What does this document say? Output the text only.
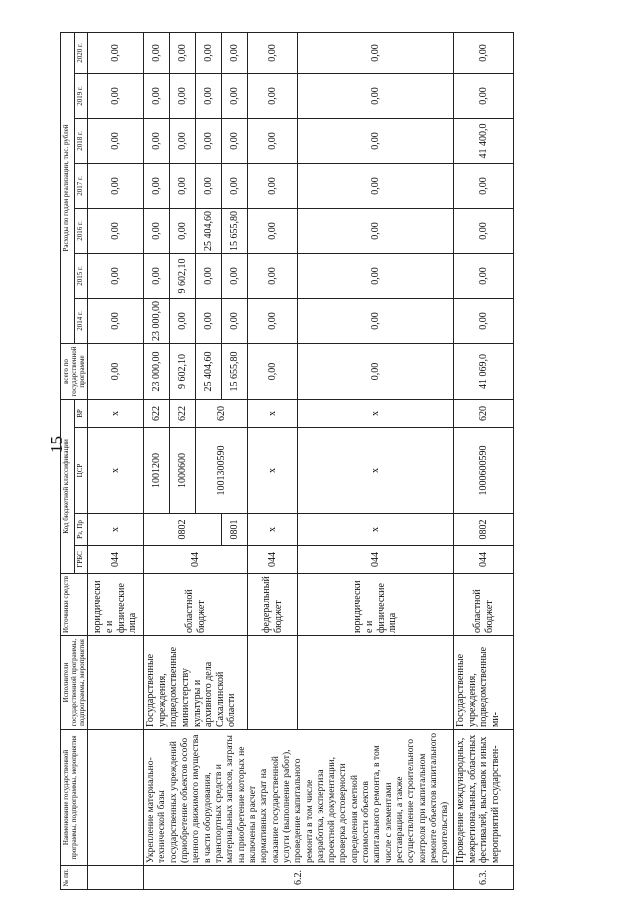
15
№ пп.	Наименование государственной программы, подпрограммы, мероприятия	Исполнители государственной программы, подпрограммы, мероприятия	Источники средств	Код бюджетной классификации				всего по государственной программе	Расходы по годам реализации, тыс. рублей						
				ГРБС	Рз, Пр	ЦСР	ВР		2014 г.	2015 г.	2016 г.	2017 г.	2018 г.	2019 г.	2020 г.
			юридические и физические лица	044	x	x	x	0,00	0,00	0,00	0,00	0,00	0,00	0,00	0,00
6.2.	Укрепление материально-технической базы государственных учреждений (приобретение объектов особо ценного движимого имущества в части оборудования, транспортных средств и материальных запасов, затраты на приобретение которых не включены в расчет нормативных затрат на оказание государственной услуги (выполнение работ), проведение капитального ремонта в том числе разработка, экспертиза проектной документации, проверка достоверности определения сметной стоимости объектов капитального ремонта, в том числе с элементами реставрации, а также осуществление строительного контроля при капитальном ремонте объектов капитального строительства)	Государственные учреждения, подведомственные министерству культуры и архивного дела Сахалинской области	областной бюджет	044	0802	1001200	622	23 000,00	23 000,00	0,00	0,00	0,00	0,00	0,00	0,00
						1000600	622	9 602,10	0,00	9 602,10	0,00	0,00	0,00	0,00	0,00
						1001300590	620	25 404,60	0,00	0,00	25 404,60	0,00	0,00	0,00	0,00
					0801			15 655,80	0,00	0,00	15 655,80	0,00	0,00	0,00	0,00
			федеральный бюджет	044	x	x	x	0,00	0,00	0,00	0,00	0,00	0,00	0,00	0,00
			юридические и физические лица	044	x	x	x	0,00	0,00	0,00	0,00	0,00	0,00	0,00	0,00
6.3.	Проведение международных, межрегиональных, областных фестивалей, выставок и иных мероприятий государствен-	Государственные учреждения, подведомственные ми-	областной бюджет	044	0802	1000600590	620	41 069,0	0,00	0,00	0,00	0,00	41 400,0	0,00	0,00
